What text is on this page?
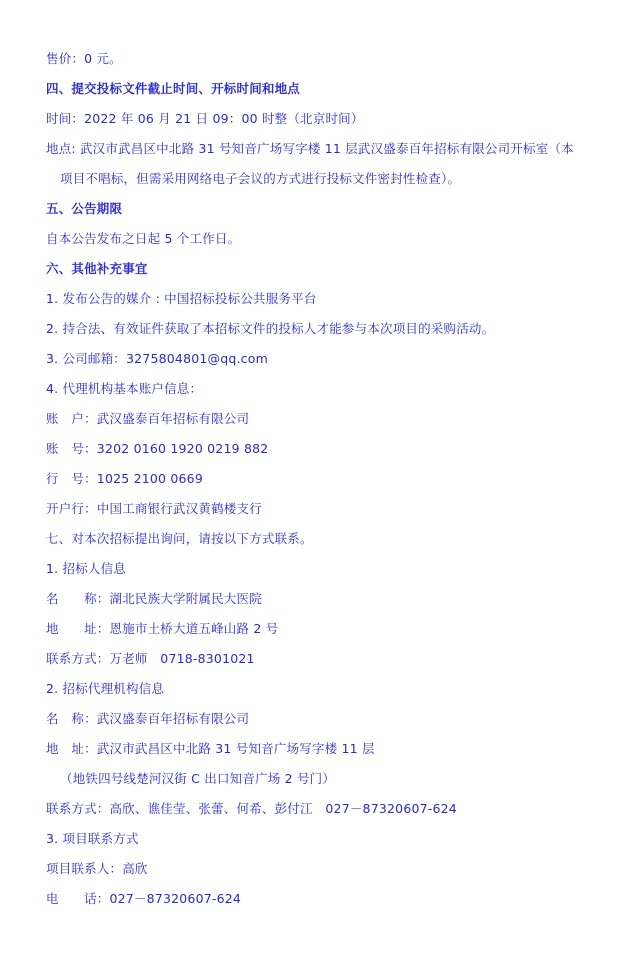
售价：0 元。
四、提交投标文件截止时间、开标时间和地点
时间：2022 年 06 月 21 日 09：00 时整（北京时间）
地点: 武汉市武昌区中北路 31 号知音广场写字楼 11 层武汉盛泰百年招标有限公司开标室（本
项目不唱标，但需采用网络电子会议的方式进行投标文件密封性检查）。
五、公告期限
自本公告发布之日起 5 个工作日。
六、其他补充事宜
1. 发布公告的媒介 : 中国招标投标公共服务平台
2. 持合法、有效证件获取了本招标文件的投标人才能参与本次项目的采购活动。
3. 公司邮箱：3275804801@qq.com
4. 代理机构基本账户信息：
账　户：武汉盛泰百年招标有限公司
账　号：3202 0160 1920 0219 882
行　号：1025 2100 0669
开户行：中国工商银行武汉黄鹤楼支行
七、对本次招标提出询问，请按以下方式联系。
1. 招标人信息
名　　称：湖北民族大学附属民大医院
地　　址：恩施市土桥大道五峰山路 2 号
联系方式：万老师　0718-8301021
2. 招标代理机构信息
名　称：武汉盛泰百年招标有限公司
地　址：武汉市武昌区中北路 31 号知音广场写字楼 11 层
（地铁四号线楚河汉街 C 出口知音广场 2 号门）
联系方式：高欣、谯佳莹、张蕾、何希、彭付江　027－87320607-624
3. 项目联系方式
项目联系人：高欣
电　　话：027－87320607-624
